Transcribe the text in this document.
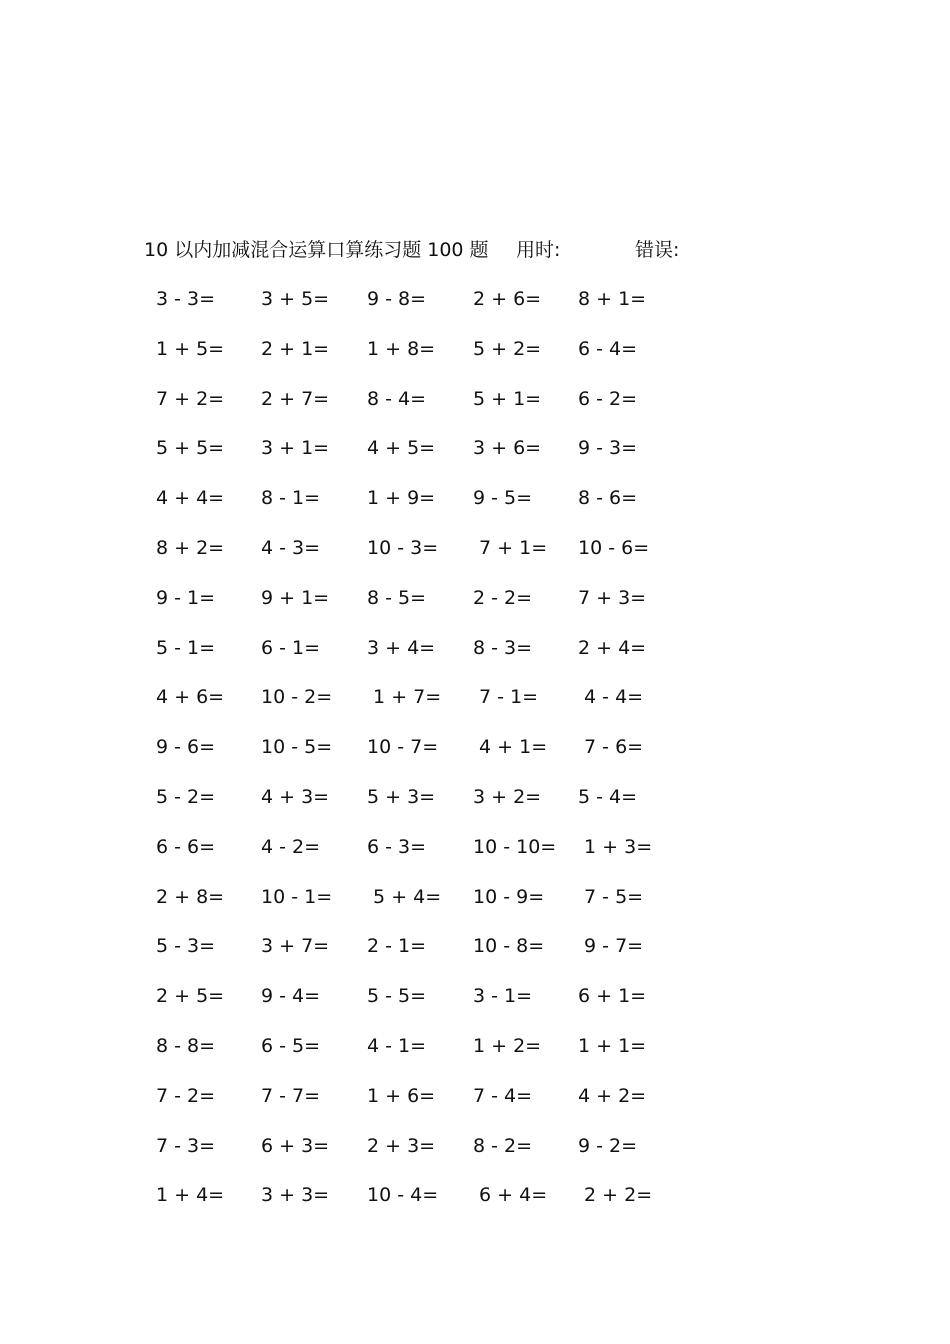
10 以内加减混合运算口算练习题 100 题 用时:	错误:
3 - 3=	3 + 5=	9 - 8=	2 + 6=	8 + 1=
1 + 5=	2 + 1=	1 + 8=	5 + 2=	6 - 4=
7 + 2=	2 + 7=	8 - 4=	5 + 1=	6 - 2=
5 + 5=	3 + 1=	4 + 5=	3 + 6=	9 - 3=
4 + 4=	8 - 1=	1 + 9=	9 - 5=	8 - 6=
8 + 2=	4 - 3=	10 - 3=	7 + 1=	10 - 6=
9 - 1=	9 + 1=	8 - 5=	2 - 2=	7 + 3=
5 - 1=	6 - 1=	3 + 4=	8 - 3=	2 + 4=
4 + 6=	10 - 2=	1 + 7=	7 - 1=	4 - 4=
9 - 6=	10 - 5=	10 - 7=	4 + 1=	7 - 6=
5 - 2=	4 + 3=	5 + 3=	3 + 2=	5 - 4=
6 - 6=	4 - 2=	6 - 3=	10 - 10=	1 + 3=
2 + 8=	10 - 1=	5 + 4=	10 - 9=	7 - 5=
5 - 3=	3 + 7=	2 - 1=	10 - 8=	9 - 7=
2 + 5=	9 - 4=	5 - 5=	3 - 1=	6 + 1=
8 - 8=	6 - 5=	4 - 1=	1 + 2=	1 + 1=
7 - 2=	7 - 7=	1 + 6=	7 - 4=	4 + 2=
7 - 3=	6 + 3=	2 + 3=	8 - 2=	9 - 2=
1 + 4=	3 + 3=	10 - 4=	6 + 4=	2 + 2=
